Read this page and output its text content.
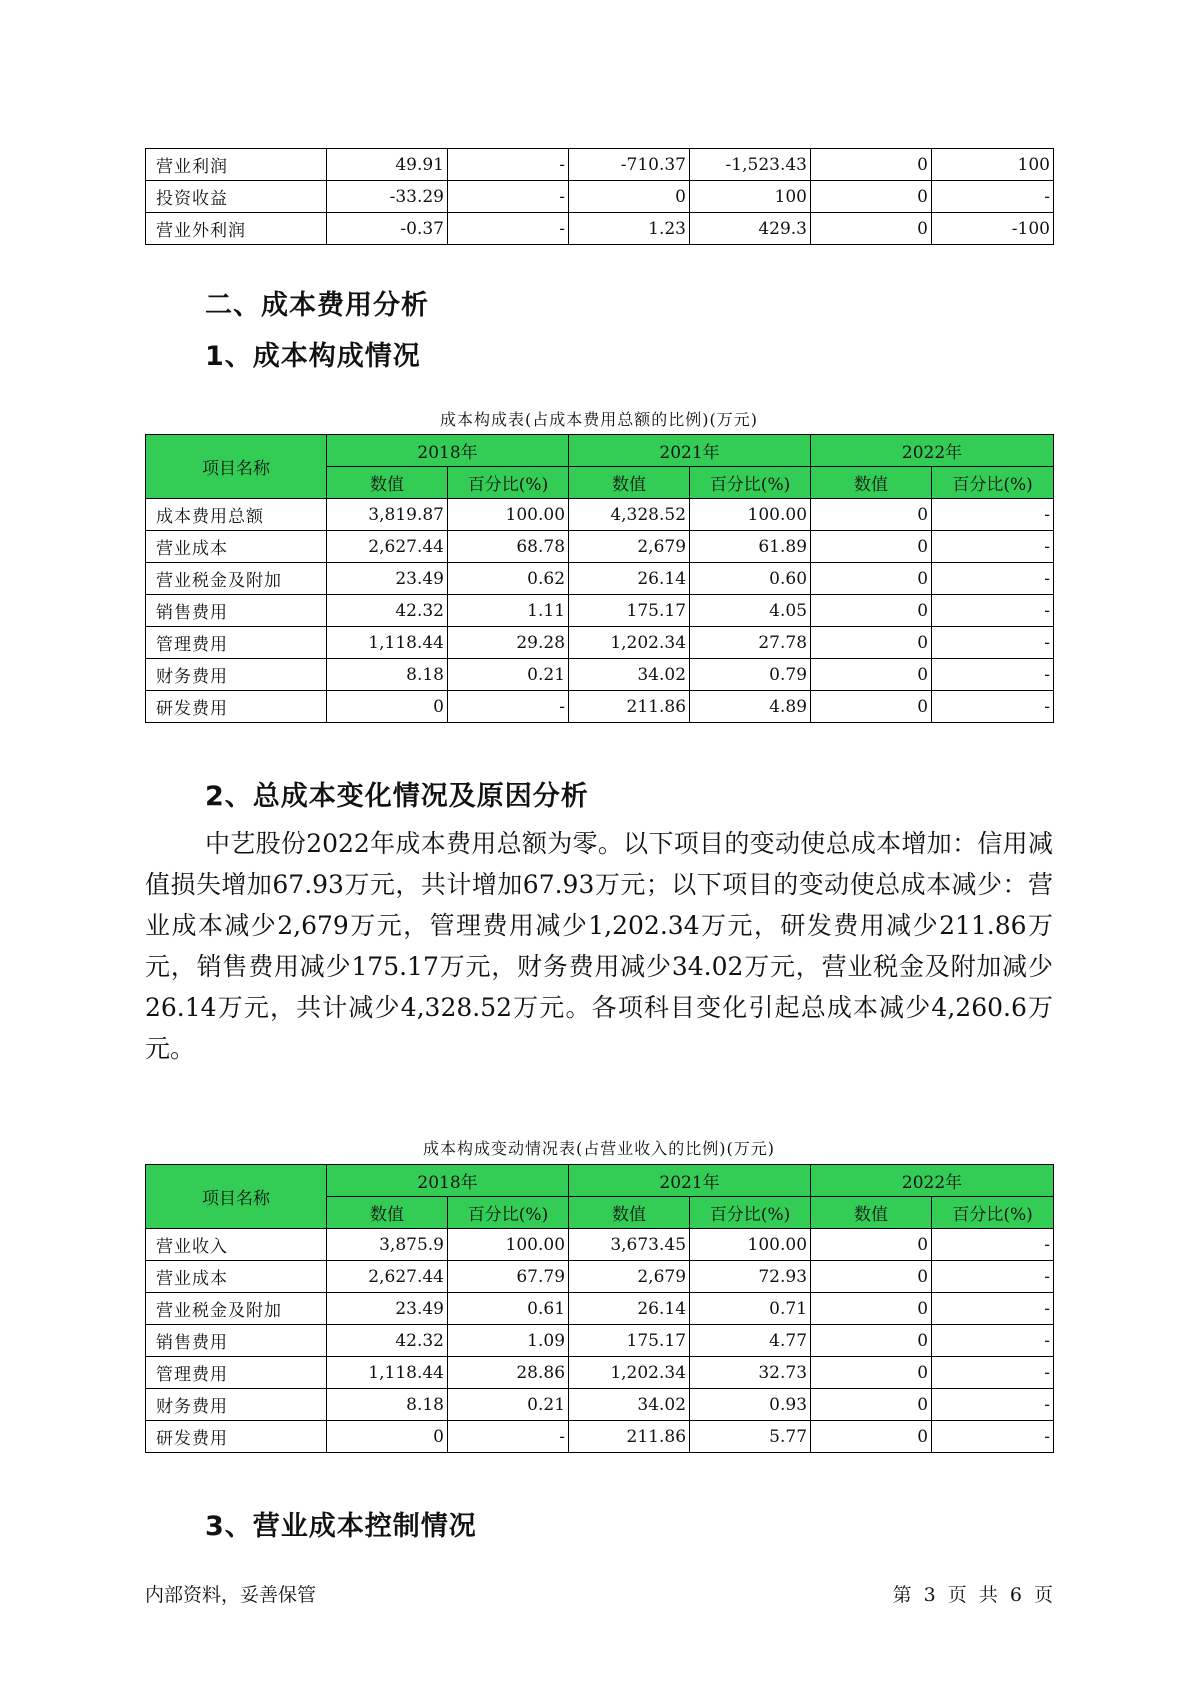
营业利润	49.91	-	-710.37	-1,523.43	0	100
投资收益	-33.29	-	0	100	0	-
营业外利润	-0.37	-	1.23	429.3	0	-100
二、成本费用分析
1、成本构成情况
成本构成表(占成本费用总额的比例)(万元)
项目名称	2018年		2021年		2022年	
	数值	百分比(%)	数值	百分比(%)	数值	百分比(%)
成本费用总额	3,819.87	100.00	4,328.52	100.00	0	-
营业成本	2,627.44	68.78	2,679	61.89	0	-
营业税金及附加	23.49	0.62	26.14	0.60	0	-
销售费用	42.32	1.11	175.17	4.05	0	-
管理费用	1,118.44	29.28	1,202.34	27.78	0	-
财务费用	8.18	0.21	34.02	0.79	0	-
研发费用	0	-	211.86	4.89	0	-
2、总成本变化情况及原因分析

中艺股份2022年成本费用总额为零。以下项目的变动使总成本增加：信用减值损失增加67.93万元，共计增加67.93万元；以下项目的变动使总成本减少：营业成本减少2,679万元，管理费用减少1,202.34万元，研发费用减少211.86万元，销售费用减少175.17万元，财务费用减少34.02万元，营业税金及附加减少26.14万元，共计减少4,328.52万元。各项科目变化引起总成本减少4,260.6万元。

成本构成变动情况表(占营业收入的比例)(万元)
项目名称	2018年		2021年		2022年	
	数值	百分比(%)	数值	百分比(%)	数值	百分比(%)
营业收入	3,875.9	100.00	3,673.45	100.00	0	-
营业成本	2,627.44	67.79	2,679	72.93	0	-
营业税金及附加	23.49	0.61	26.14	0.71	0	-
销售费用	42.32	1.09	175.17	4.77	0	-
管理费用	1,118.44	28.86	1,202.34	32.73	0	-
财务费用	8.18	0.21	34.02	0.93	0	-
研发费用	0	-	211.86	5.77	0	-
3、营业成本控制情况
内部资料，妥善保管	第 3 页 共 6 页
